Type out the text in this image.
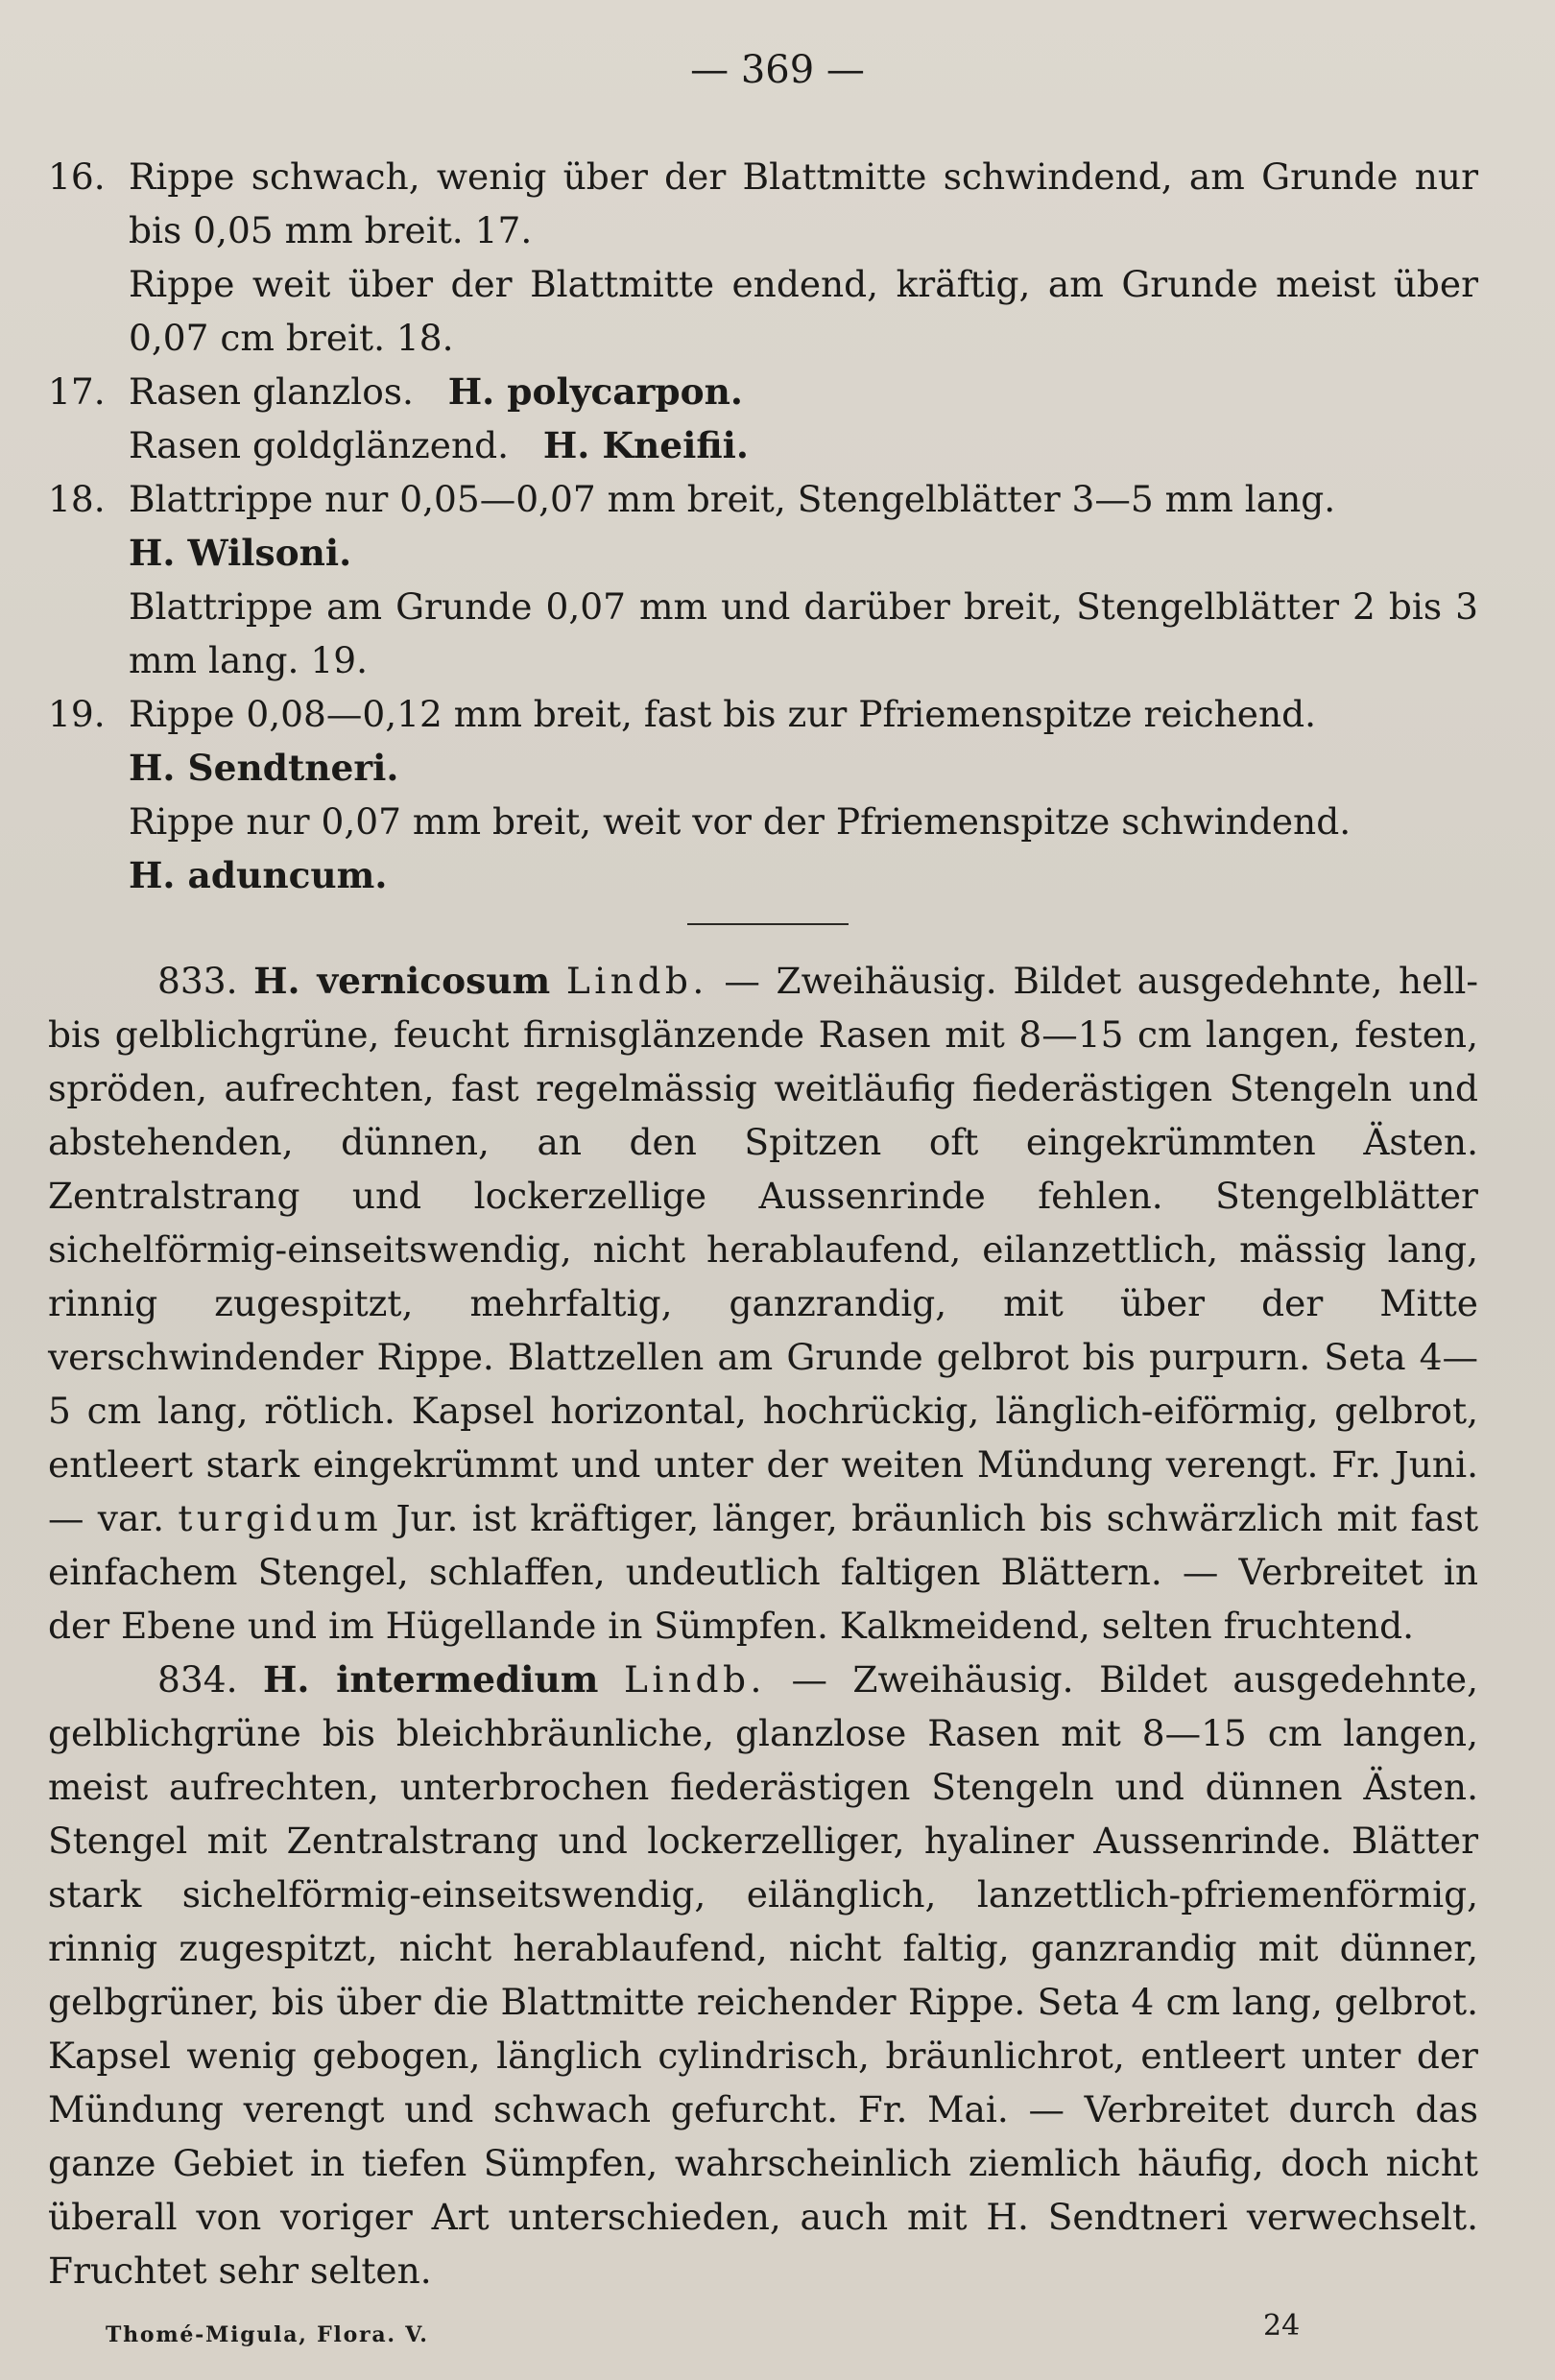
— 369 —
16. Rippe schwach, wenig über der Blattmitte schwindend, am Grunde nur bis 0,05 mm breit. 17.
Rippe weit über der Blattmitte endend, kräftig, am Grunde meist über 0,07 cm breit. 18.
17. Rasen glanzlos. H. polycarpon.
Rasen goldglänzend. H. Kneifii.
18. Blattrippe nur 0,05—0,07 mm breit, Stengelblätter 3—5 mm lang.
H. Wilsoni.
Blattrippe am Grunde 0,07 mm und darüber breit, Stengelblätter 2 bis 3 mm lang. 19.
19. Rippe 0,08—0,12 mm breit, fast bis zur Pfriemenspitze reichend.
H. Sendtneri.
Rippe nur 0,07 mm breit, weit vor der Pfriemenspitze schwindend.
H. aduncum.

833. H. vernicosum Lindb. — Zweihäusig. Bildet ausgedehnte, hell- bis gelblichgrüne, feucht firnisglänzende Rasen mit 8—15 cm langen, festen, spröden, aufrechten, fast regelmässig weitläufig fiederästigen Stengeln und abstehenden, dünnen, an den Spitzen oft eingekrümmten Ästen. Zentralstrang und lockerzellige Aussenrinde fehlen. Stengelblätter sichelförmig-einseitswendig, nicht herablaufend, eilanzettlich, mässig lang, rinnig zugespitzt, mehrfaltig, ganzrandig, mit über der Mitte verschwindender Rippe. Blattzellen am Grunde gelbrot bis purpurn. Seta 4—5 cm lang, rötlich. Kapsel horizontal, hochrückig, länglich-eiförmig, gelbrot, entleert stark eingekrümmt und unter der weiten Mündung verengt. Fr. Juni. — var. turgidum Jur. ist kräftiger, länger, bräunlich bis schwärzlich mit fast einfachem Stengel, schlaffen, undeutlich faltigen Blättern. — Verbreitet in der Ebene und im Hügellande in Sümpfen. Kalkmeidend, selten fruchtend.

834. H. intermedium Lindb. — Zweihäusig. Bildet ausgedehnte, gelblichgrüne bis bleichbräunliche, glanzlose Rasen mit 8—15 cm langen, meist aufrechten, unterbrochen fiederästigen Stengeln und dünnen Ästen. Stengel mit Zentralstrang und lockerzelliger, hyaliner Aussenrinde. Blätter stark sichelförmig-einseitswendig, eilänglich, lanzettlich-pfriemenförmig, rinnig zugespitzt, nicht herablaufend, nicht faltig, ganzrandig mit dünner, gelbgrüner, bis über die Blattmitte reichender Rippe. Seta 4 cm lang, gelbrot. Kapsel wenig gebogen, länglich cylindrisch, bräunlichrot, entleert unter der Mündung verengt und schwach gefurcht. Fr. Mai. — Verbreitet durch das ganze Gebiet in tiefen Sümpfen, wahrscheinlich ziemlich häufig, doch nicht überall von voriger Art unterschieden, auch mit H. Sendtneri verwechselt. Fruchtet sehr selten.

Thomé-Migula, Flora. V.	24
